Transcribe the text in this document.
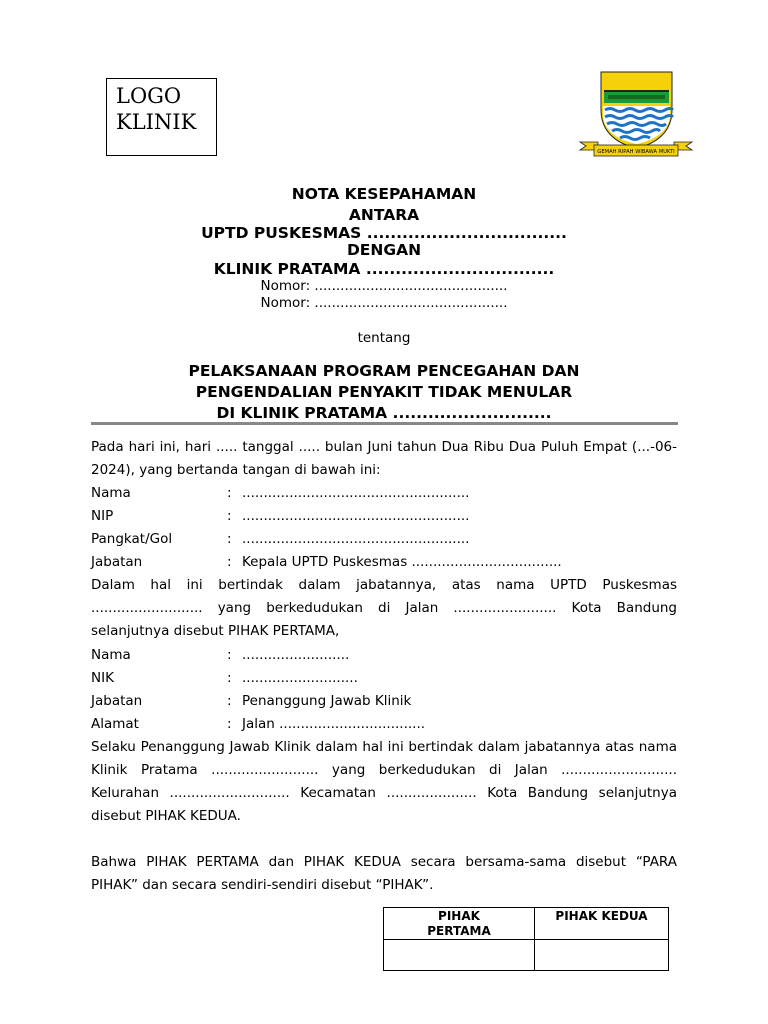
LOGO
KLINIK
GEMAH RIPAH WIBAWA MUKTI
NOTA KESEPAHAMAN
ANTARA
UPTD PUSKESMAS ..................................
DENGAN
KLINIK PRATAMA ................................
Nomor: .............................................
Nomor: .............................................
tentang
PELAKSANAAN PROGRAM PENCEGAHAN DAN
PENGENDALIAN PENYAKIT TIDAK MENULAR
DI KLINIK PRATAMA ...........................
Pada hari ini, hari ..... tanggal ..... bulan Juni tahun Dua Ribu Dua Puluh Empat (...-06-2024), yang bertanda tangan di bawah ini:
Nama	: .....................................................
NIP	: .....................................................
Pangkat/Gol	: .....................................................
Jabatan	: Kepala UPTD Puskesmas ...................................
Dalam hal ini bertindak dalam jabatannya, atas nama UPTD Puskesmas .......................... yang berkedudukan di Jalan ........................ Kota Bandung selanjutnya disebut PIHAK PERTAMA,
Nama	: .........................
NIK	: ...........................
Jabatan	: Penanggung Jawab Klinik
Alamat	: Jalan ..................................
Selaku Penanggung Jawab Klinik dalam hal ini bertindak dalam jabatannya atas nama Klinik Pratama ......................... yang berkedudukan di Jalan ........................... Kelurahan ............................ Kecamatan ..................... Kota Bandung selanjutnya disebut PIHAK KEDUA.
Bahwa PIHAK PERTAMA dan PIHAK KEDUA secara bersama-sama disebut “PARA PIHAK” dan secara sendiri-sendiri disebut “PIHAK”.
PIHAK PERTAMA	PIHAK KEDUA
